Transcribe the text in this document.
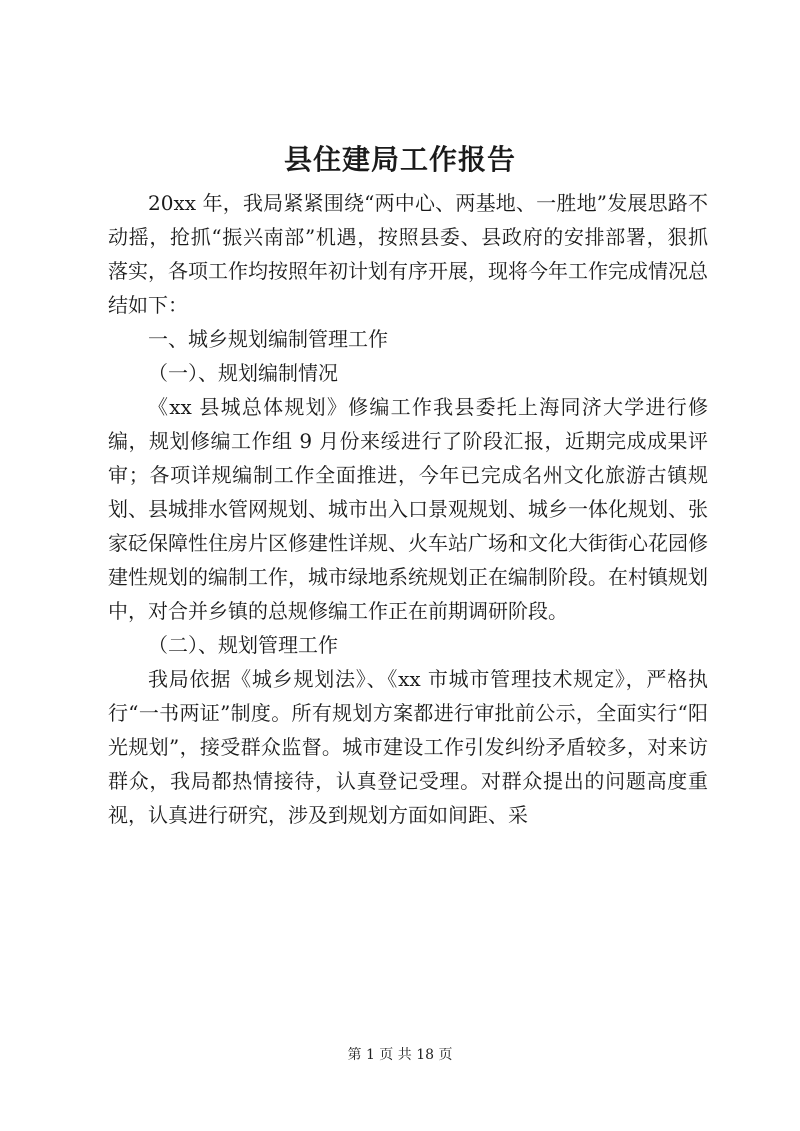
县住建局工作报告

20xx 年，我局紧紧围绕“两中心、两基地、一胜地”发展思路不动摇，抢抓“振兴南部”机遇，按照县委、县政府的安排部署，狠抓落实，各项工作均按照年初计划有序开展，现将今年工作完成情况总结如下：

一、城乡规划编制管理工作

（一）、规划编制情况

《xx 县城总体规划》修编工作我县委托上海同济大学进行修编，规划修编工作组 9 月份来绥进行了阶段汇报，近期完成成果评审；各项详规编制工作全面推进，今年已完成名州文化旅游古镇规划、县城排水管网规划、城市出入口景观规划、城乡一体化规划、张家砭保障性住房片区修建性详规、火车站广场和文化大街街心花园修建性规划的编制工作，城市绿地系统规划正在编制阶段。在村镇规划中，对合并乡镇的总规修编工作正在前期调研阶段。

（二）、规划管理工作

我局依据《城乡规划法》、《xx 市城市管理技术规定》，严格执行“一书两证”制度。所有规划方案都进行审批前公示，全面实行“阳光规划”，接受群众监督。城市建设工作引发纠纷矛盾较多，对来访群众，我局都热情接待，认真登记受理。对群众提出的问题高度重视，认真进行研究，涉及到规划方面如间距、采

第 1 页 共 18 页
